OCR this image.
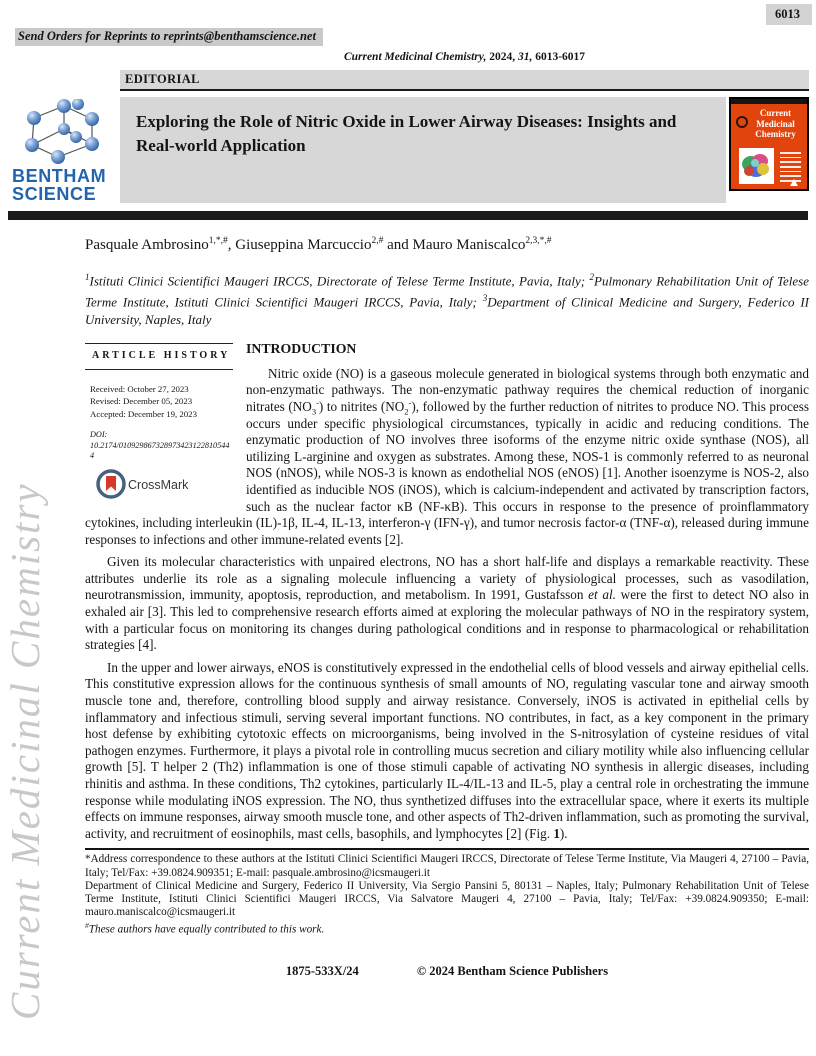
6013
Send Orders for Reprints to reprints@benthamscience.net
Current Medicinal Chemistry, 2024, 31, 6013-6017
EDITORIAL
BENTHAM
SCIENCE
Exploring the Role of Nitric Oxide in Lower Airway Diseases: Insights and Real-world Application
Current
Medicinal
Chemistry
Pasquale Ambrosino$^{1,*,\#}$, Giuseppina Marcuccio$^{2,\#}$ and Mauro Maniscalco$^{2,3,*,\#}$
$^1$Istituti Clinici Scientifici Maugeri IRCCS, Directorate of Telese Terme Institute, Pavia, Italy; $^2$Pulmonary Rehabilitation Unit of Telese Terme Institute, Istituti Clinici Scientifici Maugeri IRCCS, Pavia, Italy; $^3$Department of Clinical Medicine and Surgery, Federico II University, Naples, Italy
ARTICLE HISTORY
Received: October 27, 2023
Revised: December 05, 2023
Accepted: December 19, 2023
DOI:
10.2174/0109298673289734231228105444
CrossMark
INTRODUCTION

Nitric oxide (NO) is a gaseous molecule generated in biological systems through both enzymatic and non-enzymatic pathways. The non-enzymatic pathway requires the chemical reduction of inorganic nitrates $(NO_3^-)$ to nitrites $(NO_2^-)$, followed by the further reduction of nitrites to produce NO. This process occurs under specific physiological circumstances, typically in acidic and reducing conditions. The enzymatic production of NO involves three isoforms of the enzyme nitric oxide synthase (NOS), all utilizing L-arginine and oxygen as substrates. Among these, NOS-1 is commonly referred to as neuronal NOS (nNOS), while NOS-3 is known as endothelial NOS (eNOS) [1]. Another isoenzyme is NOS-2, also identified as inducible NOS (iNOS), which is calcium-independent and activated by transcription factors, such as the nuclear factor κB (NF-κB). This occurs in response to the presence of proinflammatory cytokines, including interleukin (IL)-1β, IL-4, IL-13, interferon-γ (IFN-γ), and tumor necrosis factor-α (TNF-α), released during immune responses to infections and other immune-related events [2].

Given its molecular characteristics with unpaired electrons, NO has a short half-life and displays a remarkable reactivity. These attributes underlie its role as a signaling molecule influencing a variety of physiological processes, such as vasodilation, neurotransmission, immunity, apoptosis, reproduction, and metabolism. In 1991, Gustafsson et al. were the first to detect NO also in exhaled air [3]. This led to comprehensive research efforts aimed at exploring the molecular pathways of NO in the respiratory system, with a particular focus on monitoring its changes during pathological conditions and in response to pharmacological or rehabilitation strategies [4].

In the upper and lower airways, eNOS is constitutively expressed in the endothelial cells of blood vessels and airway epithelial cells. This constitutive expression allows for the continuous synthesis of small amounts of NO, regulating vascular tone and airway smooth muscle tone and, therefore, controlling blood supply and airway resistance. Conversely, iNOS is activated in epithelial cells by inflammatory and infectious stimuli, serving several important functions. NO contributes, in fact, as a key component in the primary host defense by exhibiting cytotoxic effects on microorganisms, being involved in the S-nitrosylation of cysteine residues of vital pathogen enzymes. Furthermore, it plays a pivotal role in controlling mucus secretion and ciliary motility while also influencing cellular growth [5]. T helper 2 (Th2) inflammation is one of those stimuli capable of activating NO synthesis in allergic diseases, including rhinitis and asthma. In these conditions, Th2 cytokines, particularly IL-4/IL-13 and IL-5, play a central role in orchestrating the immune response while modulating iNOS expression. The NO, thus synthetized diffuses into the extracellular space, where it exerts its multiple effects on immune responses, airway smooth muscle tone, and other aspects of Th2-driven inflammation, such as promoting the survival, activity, and recruitment of eosinophils, mast cells, basophils, and lymphocytes [2] (Fig. 1).

*Address correspondence to these authors at the Istituti Clinici Scientifici Maugeri IRCCS, Directorate of Telese Terme Institute, Via Maugeri 4, 27100 – Pavia, Italy; Tel/Fax: +39.0824.909351; E-mail: pasquale.ambrosino@icsmaugeri.it
Department of Clinical Medicine and Surgery, Federico II University, Via Sergio Pansini 5, 80131 – Naples, Italy; Pulmonary Rehabilitation Unit of Telese Terme Institute, Istituti Clinici Scientifici Maugeri IRCCS, Via Salvatore Maugeri 4, 27100 – Pavia, Italy; Tel/Fax: +39.0824.909350; E-mail: mauro.maniscalco@icsmaugeri.it
#These authors have equally contributed to this work.
1875-533X/24	© 2024 Bentham Science Publishers
Current Medicinal Chemistry
